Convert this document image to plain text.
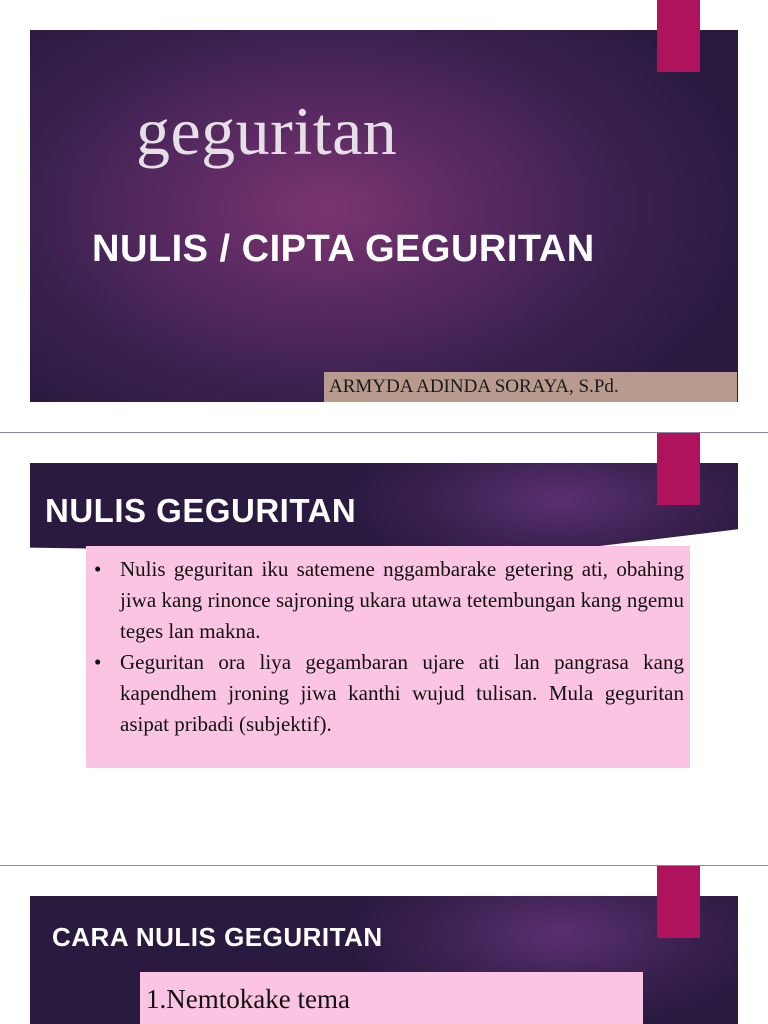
geguritan
NULIS / CIPTA GEGURITAN
ARMYDA ADINDA SORAYA, S.Pd.
NULIS GEGURITAN
• Nulis geguritan iku satemene nggambarake getering ati, obahing jiwa kang rinonce sajroning ukara utawa tetembungan kang ngemu teges lan makna.
• Geguritan ora liya gegambaran ujare ati lan pangrasa kang kapendhem jroning jiwa kanthi wujud tulisan. Mula geguritan asipat pribadi (subjektif).
CARA NULIS GEGURITAN
1.Nemtokake tema
